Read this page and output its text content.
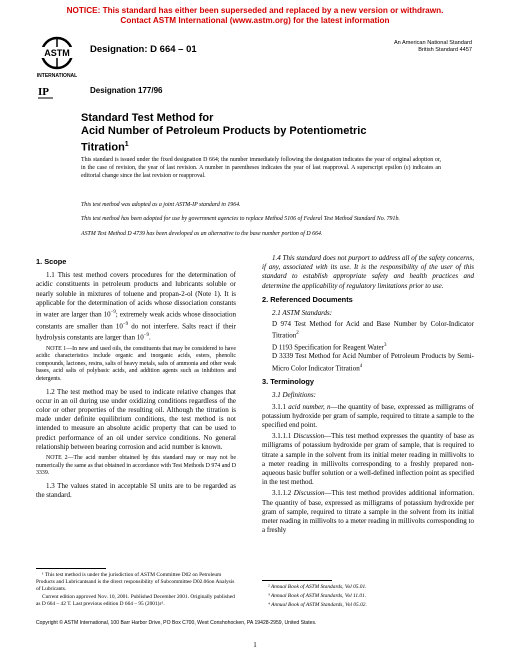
NOTICE: This standard has either been superseded and replaced by a new version or withdrawn.
Contact ASTM International (www.astm.org) for the latest information
ASTM
INTERNATIONAL
IP
Designation: D 664 – 01
Designation 177/96
An American National Standard
British Standard 4457
Standard Test Method for
Acid Number of Petroleum Products by Potentiometric
Titration$^1$
This standard is issued under the fixed designation D 664; the number immediately following the designation indicates the year of original adoption or, in the case of revision, the year of last revision. A number in parentheses indicates the year of last reapproval. A superscript epsilon (ε) indicates an editorial change since the last revision or reapproval.
This test method was adopted as a joint ASTM-IP standard in 1964.
This test method has been adopted for use by government agencies to replace Method 5106 of Federal Test Method Standard No. 791b.
ASTM Test Method D 4739 has been developed as an alternative to the base number portion of D 664.
1. Scope

1.1 This test method covers procedures for the determination of acidic constituents in petroleum products and lubricants soluble or nearly soluble in mixtures of toluene and propan-2-ol (Note 1). It is applicable for the determination of acids whose dissociation constants in water are larger than $10^{-9}$; extremely weak acids whose dissociation constants are smaller than $10^{-9}$ do not interfere. Salts react if their hydrolysis constants are larger than $10^{-9}$.

NOTE 1—In new and used oils, the constituents that may be considered to have acidic characteristics include organic and inorganic acids, esters, phenolic compounds, lactones, resins, salts of heavy metals, salts of ammonia and other weak bases, acid salts of polybasic acids, and addition agents such as inhibitors and detergents.

1.2 The test method may be used to indicate relative changes that occur in an oil during use under oxidizing conditions regardless of the color or other properties of the resulting oil. Although the titration is made under definite equilibrium conditions, the test method is not intended to measure an absolute acidic property that can be used to predict performance of an oil under service conditions. No general relationship between bearing corrosion and acid number is known.

NOTE 2—The acid number obtained by this standard may or may not be numerically the same as that obtained in accordance with Test Methods D 974 and D 3339.

1.3 The values stated in acceptable SI units are to be regarded as the standard.

1.4 This standard does not purport to address all of the safety concerns, if any, associated with its use. It is the responsibility of the user of this standard to establish appropriate safety and health practices and determine the applicability of regulatory limitations prior to use.

2. Referenced Documents

2.1 ASTM Standards:

D 974 Test Method for Acid and Base Number by Color-Indicator Titration$^2$

D 1193 Specification for Reagent Water$^3$

D 3339 Test Method for Acid Number of Petroleum Products by Semi-Micro Color Indicator Titration$^4$

3. Terminology

3.1 Definitions:

3.1.1 acid number, n—the quantity of base, expressed as milligrams of potassium hydroxide per gram of sample, required to titrate a sample to the specified end point.

3.1.1.1 Discussion—This test method expresses the quantity of base as milligrams of potassium hydroxide per gram of sample, that is required to titrate a sample in the solvent from its initial meter reading in millivolts to a meter reading in millivolts corresponding to a freshly prepared non-aqueous basic buffer solution or a well-defined inflection point as specified in the test method.

3.1.1.2 Discussion—This test method provides additional information. The quantity of base, expressed as milligrams of potassium hydroxide per gram of sample, required to titrate a sample in the solvent from its initial meter reading in millivolts to a meter reading in millivolts corresponding to a freshly

¹ This test method is under the jurisdiction of ASTM Committee D02 on Petroleum Products and Lubricantsand is the direct responsibility of Subcommittee D02.06on Analysis of Lubricants.

Current edition approved Nov. 10, 2001. Published December 2001. Originally published as D 664 – 42 T. Last previous edition D 664 – 95 (2001)ε¹.

² Annual Book of ASTM Standards, Vol 05.01.

³ Annual Book of ASTM Standards, Vol 11.01.

⁴ Annual Book of ASTM Standards, Vol 05.02.

Copyright © ASTM International, 100 Barr Harbor Drive, PO Box C700, West Conshohocken, PA 19428-2959, United States.
1
